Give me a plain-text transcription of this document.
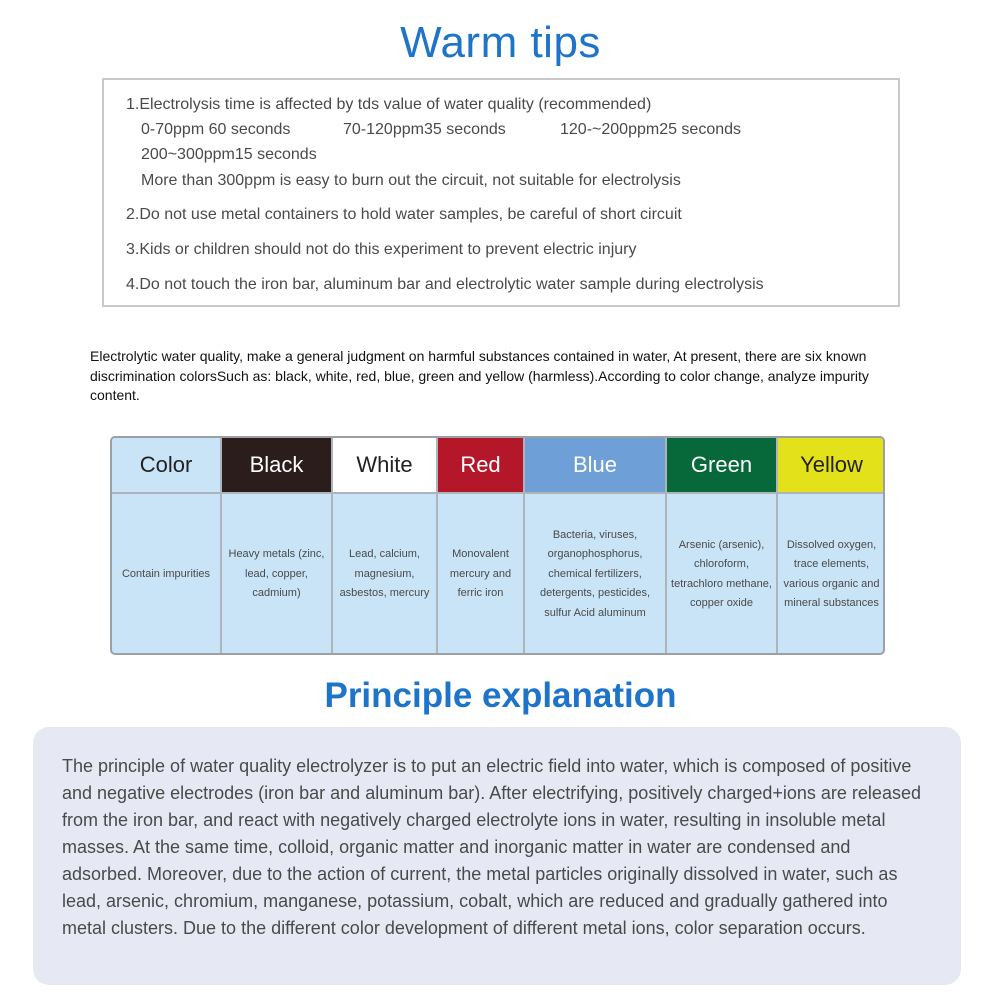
Warm tips
1.Electrolysis time is affected by tds value of water quality (recommended)
0-70ppm 60 seconds	70-120ppm35 seconds	120-~200ppm25 seconds
200~300ppm15 seconds
More than 300ppm is easy to burn out the circuit, not suitable for electrolysis
2.Do not use metal containers to hold water samples, be careful of short circuit
3.Kids or children should not do this experiment to prevent electric injury
4.Do not touch the iron bar, aluminum bar and electrolytic water sample during electrolysis
Electrolytic water quality, make a general judgment on harmful substances contained in water, At present, there are six known discrimination colorsSuch as: black, white, red, blue, green and yellow (harmless).According to color change, analyze impurity content.
Color
Contain impurities
Black
Heavy metals (zinc, lead, copper, cadmium)
White
Lead, calcium, magnesium, asbestos, mercury
Red
Monovalent mercury and ferric iron
Blue
Bacteria, viruses, organophosphorus, chemical fertilizers, detergents, pesticides, sulfur Acid aluminum
Green
Arsenic (arsenic), chloroform, tetrachloro methane, copper oxide
Yellow
Dissolved oxygen, trace elements, various organic and mineral substances
Principle explanation
The principle of water quality electrolyzer is to put an electric field into water, which is composed of positive and negative electrodes (iron bar and aluminum bar). After electrifying, positively charged+ions are released from the iron bar, and react with negatively charged electrolyte ions in water, resulting in insoluble metal masses. At the same time, colloid, organic matter and inorganic matter in water are condensed and adsorbed. Moreover, due to the action of current, the metal particles originally dissolved in water, such as lead, arsenic, chromium, manganese, potassium, cobalt, which are reduced and gradually gathered into metal clusters. Due to the different color development of different metal ions, color separation occurs.
